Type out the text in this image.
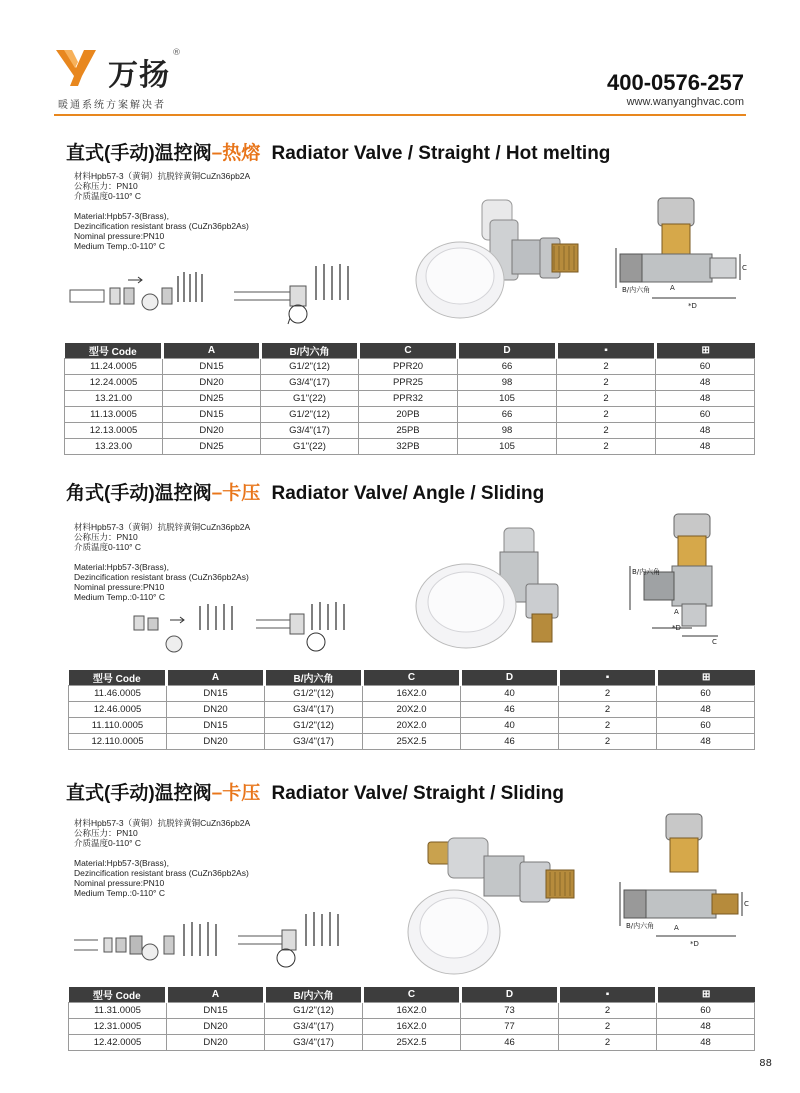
万扬
®
暖通系统方案解决者
400-0576-257
www.wanyanghvac.com
直式(手动)温控阀–热熔 Radiator Valve / Straight / Hot melting
材料Hpb57-3（黄铜）抗脱锌黄铜CuZn36pb2A
公称压力：PN10
介质温度0-110° C
Material:Hpb57-3(Brass),
Dezincification resistant brass (CuZn36pb2As)
Nominal pressure:PN10
Medium Temp.:0-110° C
B/内六角	A
C
*D
型号 Code	A	B/内六角	C	D	▪	⊞
11.24.0005	DN15	G1/2"(12)	PPR20	66	2	60
12.24.0005	DN20	G3/4"(17)	PPR25	98	2	48
13.21.00	DN25	G1"(22)	PPR32	105	2	48
11.13.0005	DN15	G1/2"(12)	20PB	66	2	60
12.13.0005	DN20	G3/4"(17)	25PB	98	2	48
13.23.00	DN25	G1"(22)	32PB	105	2	48
角式(手动)温控阀–卡压 Radiator Valve/ Angle / Sliding
材料Hpb57-3（黄铜）抗脱锌黄铜CuZn36pb2A
公称压力：PN10
介质温度0-110° C
Material:Hpb57-3(Brass),
Dezincification resistant brass (CuZn36pb2As)
Nominal pressure:PN10
Medium Temp.:0-110° C
B/内六角
A
C
*D
型号 Code	A	B/内六角	C	D	▪	⊞
11.46.0005	DN15	G1/2"(12)	16X2.0	40	2	60
12.46.0005	DN20	G3/4"(17)	20X2.0	46	2	48
11.110.0005	DN15	G1/2"(12)	20X2.0	40	2	60
12.110.0005	DN20	G3/4"(17)	25X2.5	46	2	48
直式(手动)温控阀–卡压 Radiator Valve/ Straight / Sliding
材料Hpb57-3（黄铜）抗脱锌黄铜CuZn36pb2A
公称压力：PN10
介质温度0-110° C
Material:Hpb57-3(Brass),
Dezincification resistant brass (CuZn36pb2As)
Nominal pressure:PN10
Medium Temp.:0-110° C
B/内六角	A
C
*D
型号 Code	A	B/内六角	C	D	▪	⊞
11.31.0005	DN15	G1/2"(12)	16X2.0	73	2	60
12.31.0005	DN20	G3/4"(17)	16X2.0	77	2	48
12.42.0005	DN20	G3/4"(17)	25X2.5	46	2	48
88
